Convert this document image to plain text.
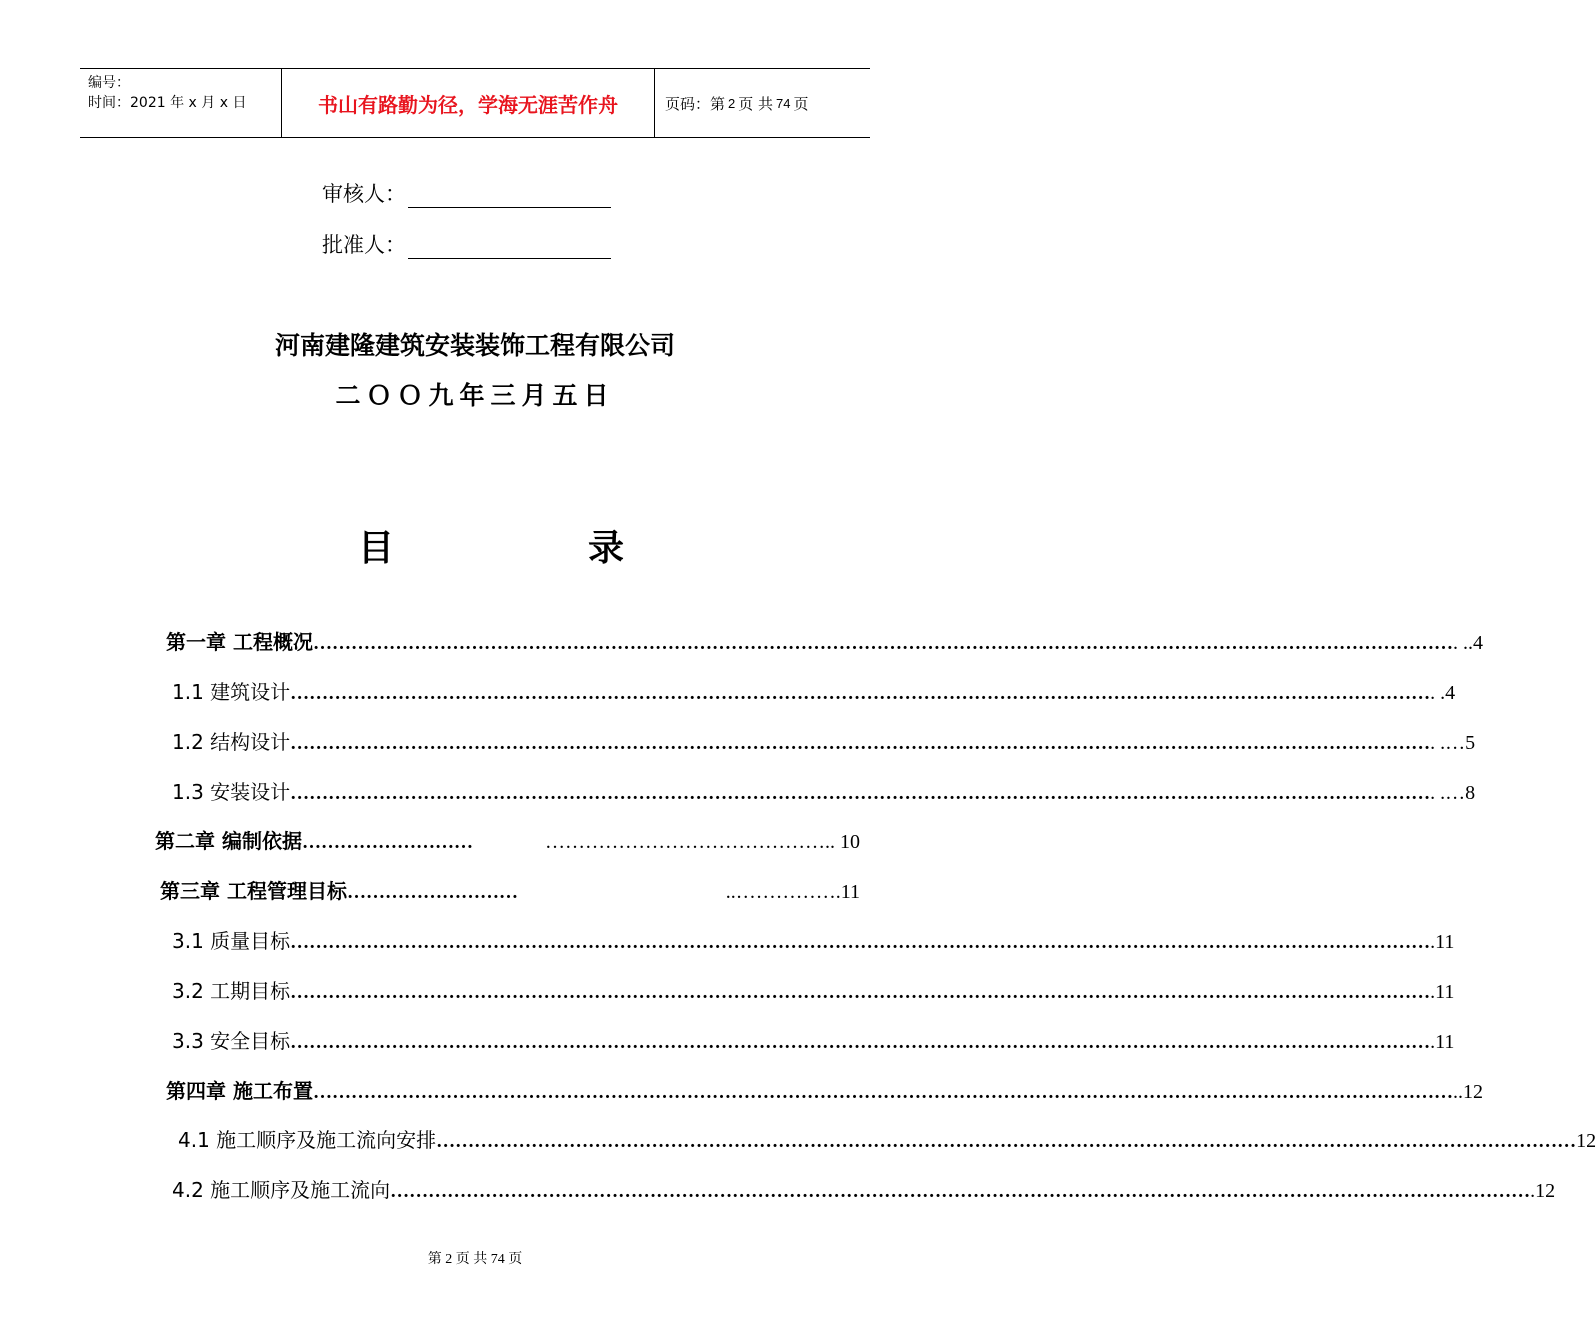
编号：
时间：2021 年 x 月 x 日	书山有路勤为径，学海无涯苦作舟	页码：第 2 页 共 74 页
审核人：
批准人：
河南建隆建筑安装装饰工程有限公司
二ＯＯ九年三月五日
目	录
第一章 工程概况 ……………………………………………………………………………………………………………………………………………………………… . ..4
1.1 建筑设计 ……………………………………………………………………………………………………………………………………………………………… . .4
1.2 结构设计 ……………………………………………………………………………………………………………………………………………………………… . .…5
1.3 安装设计 ……………………………………………………………………………………………………………………………………………………………… . .…8
第二章 编制依据 ………………………	…………………………………….. 10
第三章 工程管理目标 ………………………	..…………….11
3.1 质量目标 ……………………………………………………………………………………………………………………………………………………………… .11
3.2 工期目标 ……………………………………………………………………………………………………………………………………………………………… .11
3.3 安全目标 ……………………………………………………………………………………………………………………………………………………………… .11
第四章 施工布置 ……………………………………………………………………………………………………………………………………………………………… ..12
4.1 施工顺序及施工流向安排 ……………………………………………………………………………………………………………………………………………………………… 12
4.2 施工顺序及施工流向 ……………………………………………………………………………………………………………………………………………………………… .12
第 2 页 共 74 页
